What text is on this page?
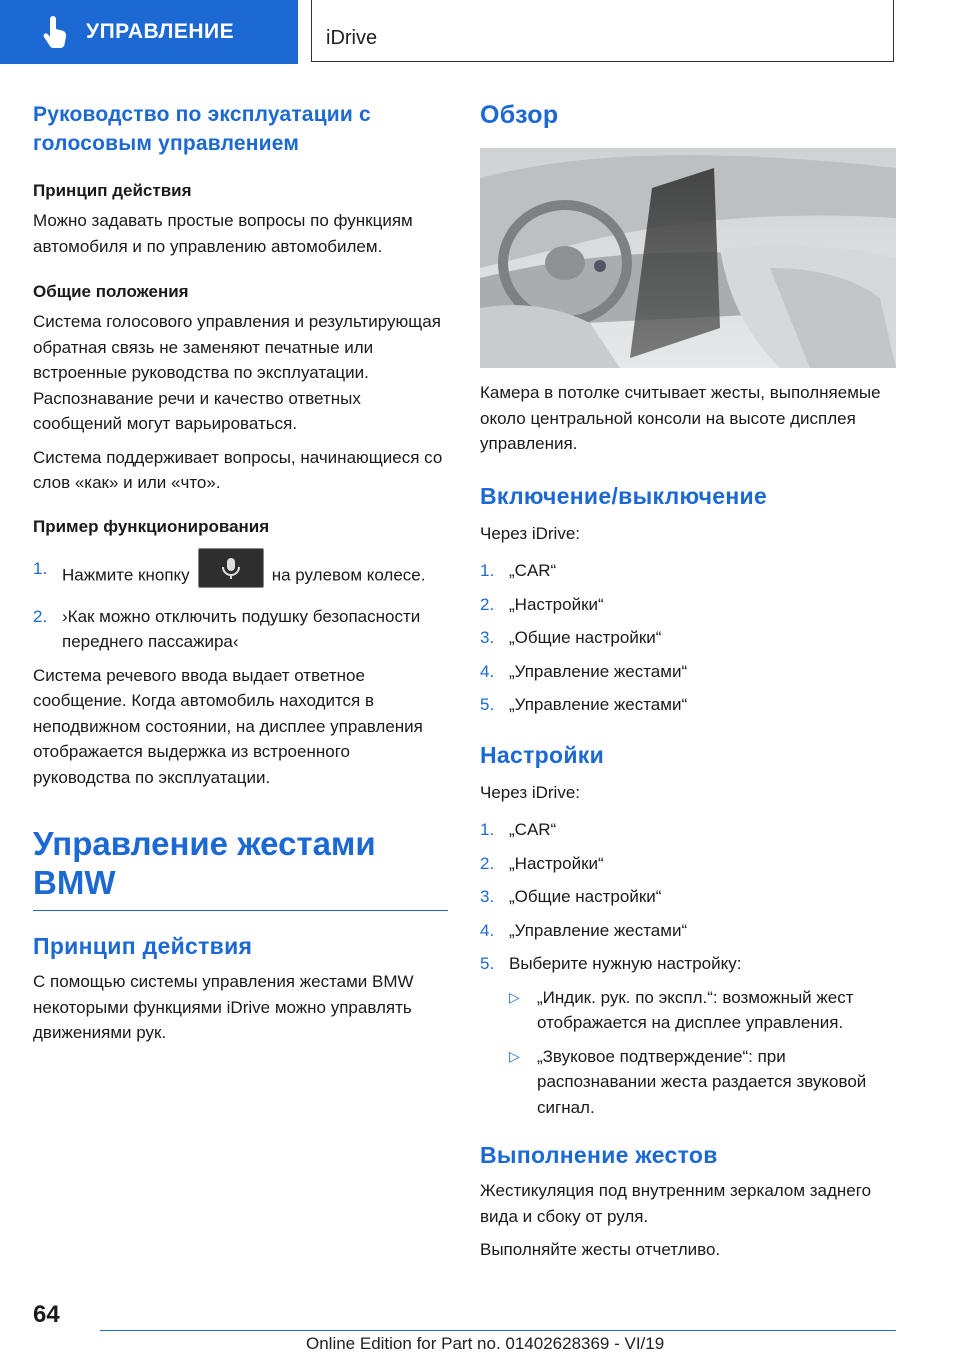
УПРАВЛЕНИЕ	iDrive
Руководство по эксплуатации с голосовым управлением
Принцип действия

Можно задавать простые вопросы по функциям автомобиля и по управлению автомобилем.

Общие положения

Система голосового управления и результирующая обратная связь не заменяют печатные или встроенные руководства по эксплуатации. Распознавание речи и качество ответных сообщений могут варьироваться.

Система поддерживает вопросы, начинающиеся со слов «как» и или «что».

Пример функционирования
1. Нажмите кнопку	на рулевом колесе.
2. ›Как можно отключить подушку безопасности переднего пассажира‹

Система речевого ввода выдает ответное сообщение. Когда автомобиль находится в неподвижном состоянии, на дисплее управления отображается выдержка из встроенного руководства по эксплуатации.

Управление жестами BMW
Принцип действия

С помощью системы управления жестами BMW некоторыми функциями iDrive можно управлять движениями рук.

Обзор

Камера в потолке считывает жесты, выполняемые около центральной консоли на высоте дисплея управления.

Включение/выключение

Через iDrive:

1. „CAR“
2. „Настройки“
3. „Общие настройки“
4. „Управление жестами“
5. „Управление жестами“
Настройки

Через iDrive:

1. „CAR“
2. „Настройки“
3. „Общие настройки“
4. „Управление жестами“
5. Выберите нужную настройку:
▷	„Индик. рук. по экспл.“: возможный жест отображается на дисплее управления.
▷	„Звуковое подтверждение“: при распознавании жеста раздается звуковой сигнал.
Выполнение жестов

Жестикуляция под внутренним зеркалом заднего вида и сбоку от руля.

Выполняйте жесты отчетливо.

64
Online Edition for Part no. 01402628369 - VI/19
